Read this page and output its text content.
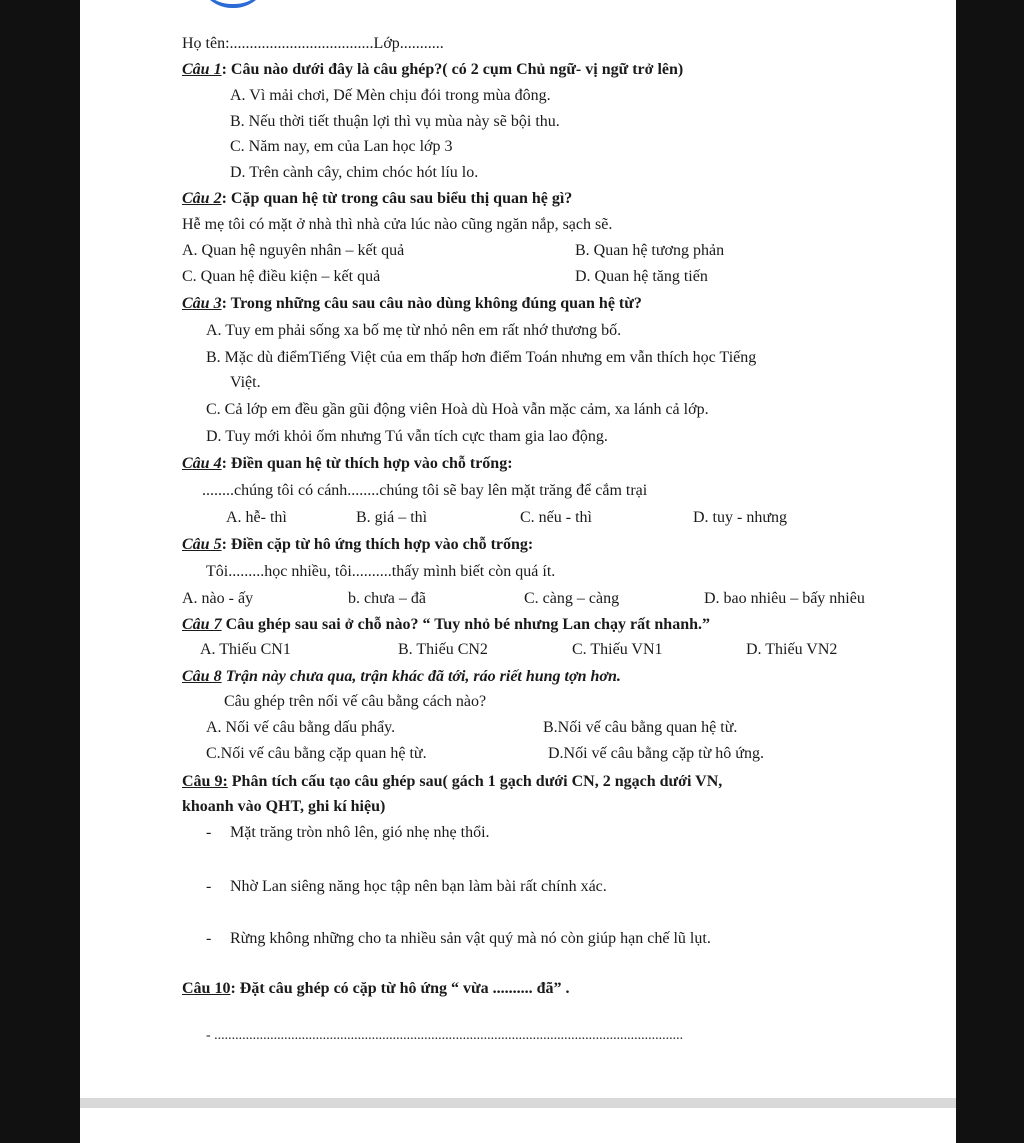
Họ tên:....................................Lớp...........
Câu 1: Câu nào dưới đây là câu ghép?( có 2 cụm Chủ ngữ- vị ngữ trở lên)
A. Vì mải chơi, Dế Mèn chịu đói trong mùa đông.
B. Nếu thời tiết thuận lợi thì vụ mùa này sẽ bội thu.
C. Năm nay, em của Lan học lớp 3
D. Trên cành cây, chim chóc hót líu lo.
Câu 2: Cặp quan hệ từ trong câu sau biểu thị quan hệ gì?
Hễ mẹ tôi có mặt ở nhà thì nhà cửa lúc nào cũng ngăn nắp, sạch sẽ.
A. Quan hệ nguyên nhân – kết quả	B. Quan hệ tương phản
C. Quan hệ điều kiện – kết quả	D. Quan hệ tăng tiến
Câu 3: Trong những câu sau câu nào dùng không đúng quan hệ từ?
A. Tuy em phải sống xa bố mẹ từ nhỏ nên em rất nhớ thương bố.
B. Mặc dù điểmTiếng Việt của em thấp hơn điểm Toán nhưng em vẫn thích học Tiếng
Việt.
C. Cả lớp em đều gần gũi động viên Hoà dù Hoà vẫn mặc cảm, xa lánh cả lớp.
D. Tuy mới khỏi ốm nhưng Tú vẫn tích cực tham gia lao động.
Câu 4: Điền quan hệ từ thích hợp vào chỗ trống:
........chúng tôi có cánh........chúng tôi sẽ bay lên mặt trăng để cắm trại
A. hễ- thì	B. giá – thì	C. nếu - thì	D. tuy - nhưng
Câu 5: Điền cặp từ hô ứng thích hợp vào chỗ trống:
Tôi.........học nhiều, tôi..........thấy mình biết còn quá ít.
A. nào - ấy	b. chưa – đã	C. càng – càng	D. bao nhiêu – bấy nhiêu
Câu 7 Câu ghép sau sai ở chỗ nào? “ Tuy nhỏ bé nhưng Lan chạy rất nhanh.”
A. Thiếu CN1	B. Thiếu CN2	C. Thiếu VN1	D. Thiếu VN2
Câu 8 Trận này chưa qua, trận khác đã tới, ráo riết hung tợn hơn.
Câu ghép trên nối vế câu bằng cách nào?
A. Nối vế câu bằng dấu phẩy.	B.Nối vế câu bằng quan hệ từ.
C.Nối vế câu bằng cặp quan hệ từ.	D.Nối vế câu bằng cặp từ hô ứng.
Câu 9: Phân tích cấu tạo câu ghép sau( gách 1 gạch dưới CN, 2 ngạch dưới VN,
khoanh vào QHT, ghi kí hiệu)
- Mặt trăng tròn nhô lên, gió nhẹ nhẹ thổi.
- Nhờ Lan siêng năng học tập nên bạn làm bài rất chính xác.
- Rừng không những cho ta nhiều sản vật quý mà nó còn giúp hạn chế lũ lụt.
Câu 10: Đặt câu ghép có cặp từ hô ứng “ vừa .......... đã” .
- ......................................................................................................................................
